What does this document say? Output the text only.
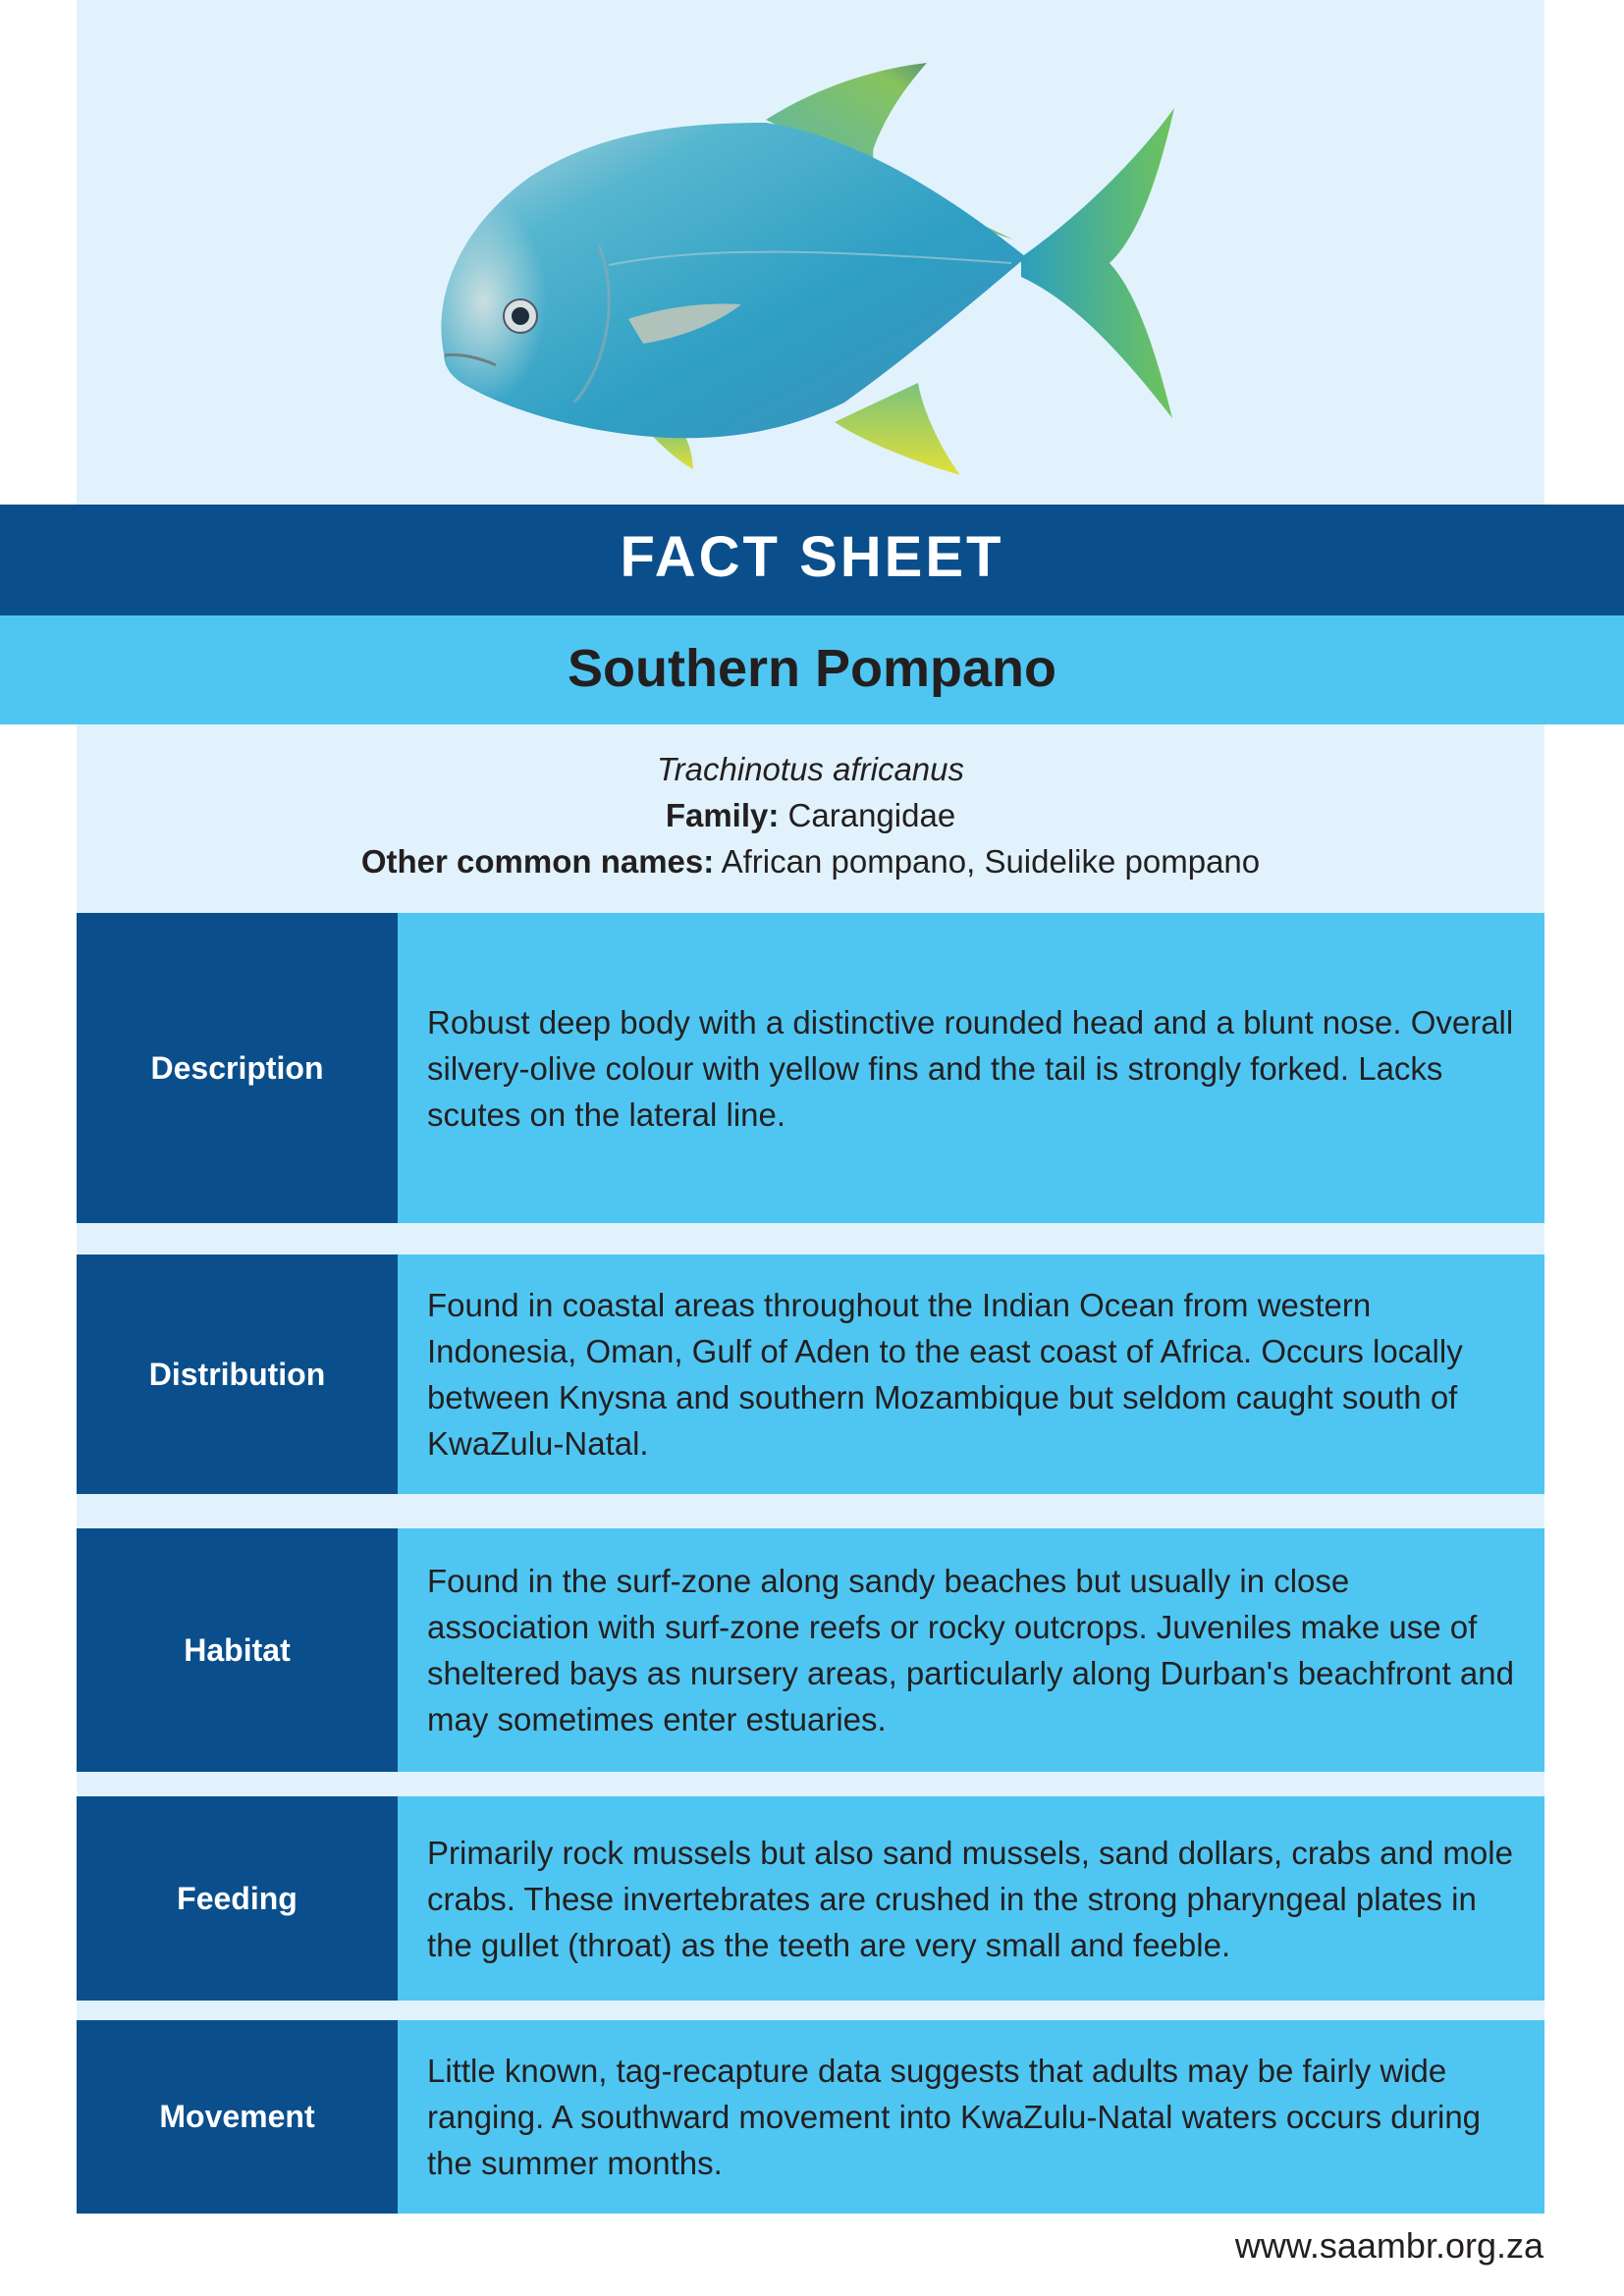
FACT SHEET
Southern Pompano
Trachinotus africanus
Family: Carangidae
Other common names: African pompano, Suidelike pompano
Description

Robust deep body with a distinctive rounded head and a blunt nose. Overall silvery-olive colour with yellow fins and the tail is strongly forked. Lacks scutes on the lateral line.

Distribution

Found in coastal areas throughout the Indian Ocean from western Indonesia, Oman, Gulf of Aden to the east coast of Africa. Occurs locally between Knysna and southern Mozambique but seldom caught south of KwaZulu-Natal.

Habitat

Found in the surf-zone along sandy beaches but usually in close association with surf-zone reefs or rocky outcrops. Juveniles make use of sheltered bays as nursery areas, particularly along Durban's beachfront and may sometimes enter estuaries.

Feeding

Primarily rock mussels but also sand mussels, sand dollars, crabs and mole crabs. These invertebrates are crushed in the strong pharyngeal plates in the gullet (throat) as the teeth are very small and feeble.

Movement

Little known, tag-recapture data suggests that adults may be fairly wide ranging. A southward movement into KwaZulu-Natal waters occurs during the summer months.

www.saambr.org.za
